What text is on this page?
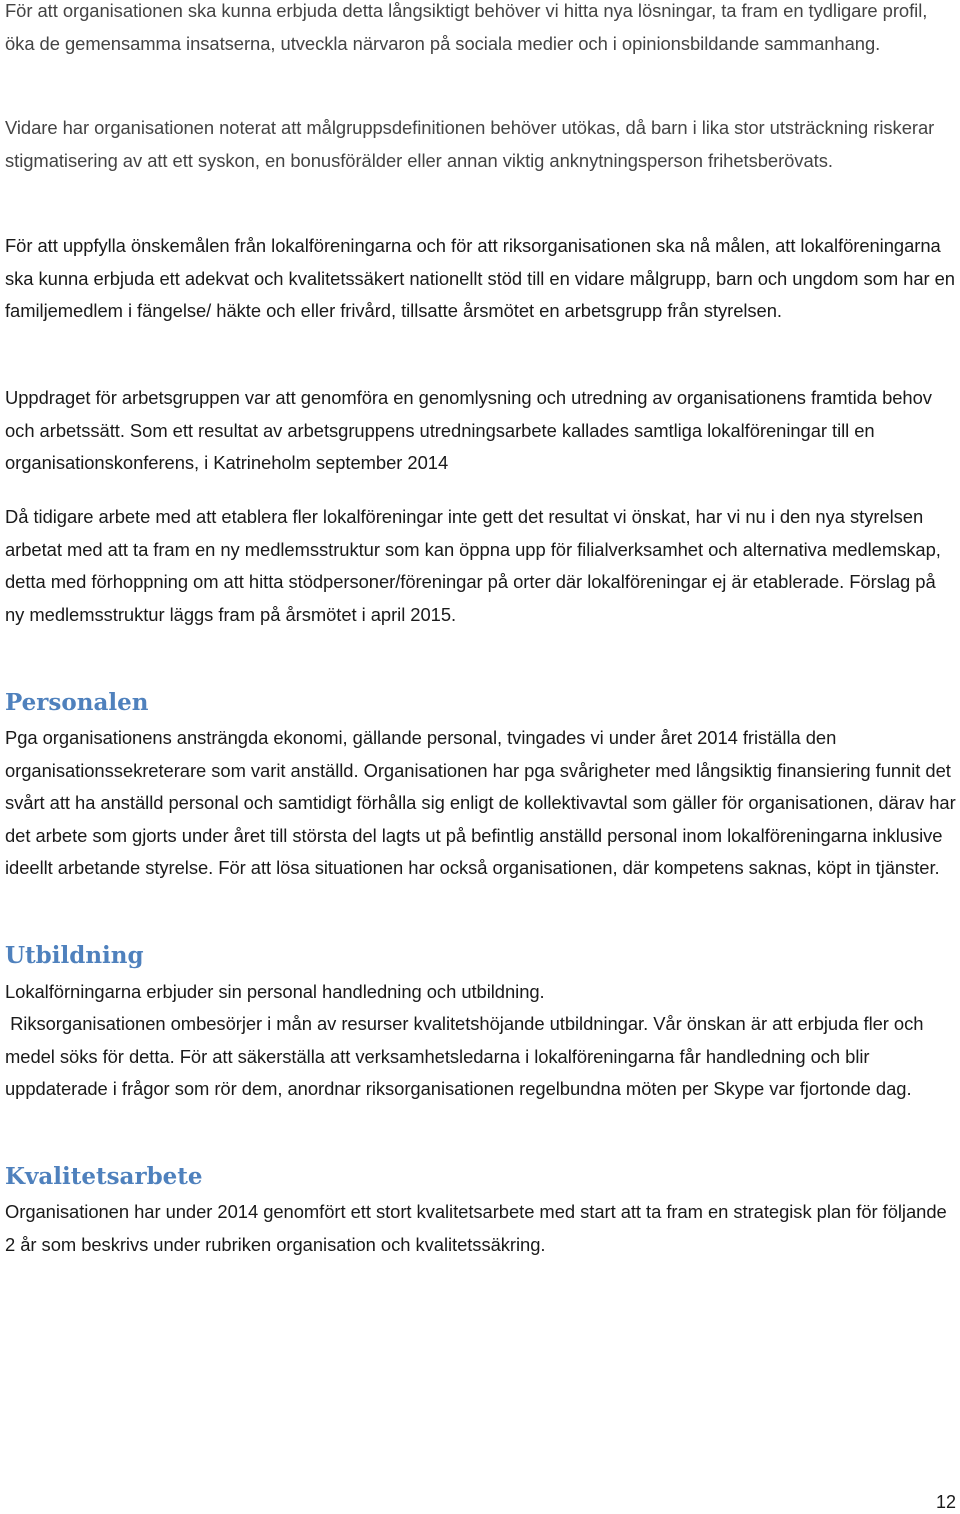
För att organisationen ska kunna erbjuda detta långsiktigt behöver vi hitta nya lösningar, ta fram en tydligare profil, öka de gemensamma insatserna, utveckla närvaron på sociala medier och i opinionsbildande sammanhang.

Vidare har organisationen noterat att målgruppsdefinitionen behöver utökas, då barn i lika stor utsträckning riskerar stigmatisering av att ett syskon, en bonusförälder eller annan viktig anknytningsperson frihetsberövats.

För att uppfylla önskemålen från lokalföreningarna och för att riksorganisationen ska nå målen, att lokalföreningarna ska kunna erbjuda ett adekvat och kvalitetssäkert nationellt stöd till en vidare målgrupp, barn och ungdom som har en familjemedlem i fängelse/ häkte och eller frivård, tillsatte årsmötet en arbetsgrupp från styrelsen.

Uppdraget för arbetsgruppen var att genomföra en genomlysning och utredning av organisationens framtida behov och arbetssätt. Som ett resultat av arbetsgruppens utredningsarbete kallades samtliga lokalföreningar till en organisationskonferens, i Katrineholm september 2014

Då tidigare arbete med att etablera fler lokalföreningar inte gett det resultat vi önskat, har vi nu i den nya styrelsen arbetat med att ta fram en ny medlemsstruktur som kan öppna upp för filialverksamhet och alternativa medlemskap, detta med förhoppning om att hitta stödpersoner/föreningar på orter där lokalföreningar ej är etablerade. Förslag på ny medlemsstruktur läggs fram på årsmötet i april 2015.

Personalen

Pga organisationens ansträngda ekonomi, gällande personal, tvingades vi under året 2014 friställa den organisationssekreterare som varit anställd. Organisationen har pga svårigheter med långsiktig finansiering funnit det svårt att ha anställd personal och samtidigt förhålla sig enligt de kollektivavtal som gäller för organisationen, därav har det arbete som gjorts under året till största del lagts ut på befintlig anställd personal inom lokalföreningarna inklusive ideellt arbetande styrelse. För att lösa situationen har också organisationen, där kompetens saknas, köpt in tjänster.

Utbildning

Lokalförningarna erbjuder sin personal handledning och utbildning.

Riksorganisationen ombesörjer i mån av resurser kvalitetshöjande utbildningar. Vår önskan är att erbjuda fler och medel söks för detta. För att säkerställa att verksamhetsledarna i lokalföreningarna får handledning och blir uppdaterade i frågor som rör dem, anordnar riksorganisationen regelbundna möten per Skype var fjortonde dag.

Kvalitetsarbete

Organisationen har under 2014 genomfört ett stort kvalitetsarbete med start att ta fram en strategisk plan för följande 2 år som beskrivs under rubriken organisation och kvalitetssäkring.

12
